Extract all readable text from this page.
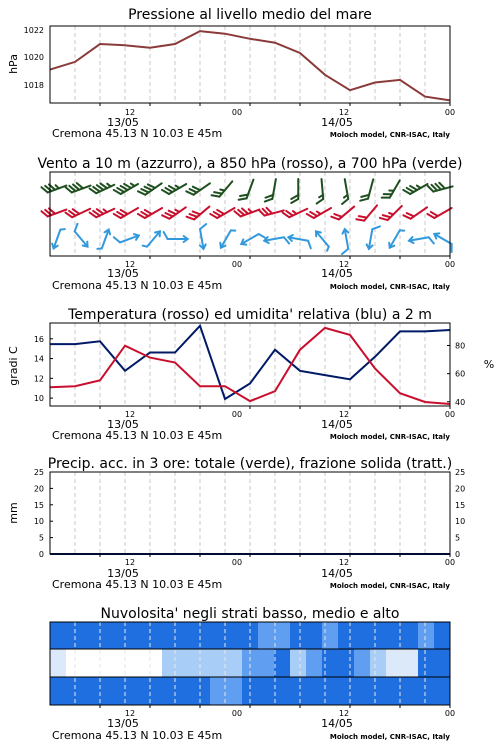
Pressione al livello medio del mare
hPa
1022
1020
1018
12	00	12	00
13/05	14/05
Cremona 45.13 N 10.03 E 45m	Moloch model, CNR-ISAC, Italy
Vento a 10 m (azzurro), a 850 hPa (rosso), a 700 hPa (verde)
12	00	12	00
13/05	14/05
Cremona 45.13 N 10.03 E 45m	Moloch model, CNR-ISAC, Italy
Temperatura (rosso) ed umidita' relativa (blu) a 2 m
gradi C	%
10
12
14
16
40
60
80
12	00	12	00
13/05	14/05
Cremona 45.13 N 10.03 E 45m	Moloch model, CNR-ISAC, Italy
Precip. acc. in 3 ore: totale (verde), frazione solida (tratt.)
mm
0
5
10
15
20
25
0
5
10
15
20
25
12	00	12	00
13/05	14/05
Cremona 45.13 N 10.03 E 45m	Moloch model, CNR-ISAC, Italy
Nuvolosita' negli strati basso, medio e alto
12	00	12	00
13/05	14/05
Cremona 45.13 N 10.03 E 45m	Moloch model, CNR-ISAC, Italy
